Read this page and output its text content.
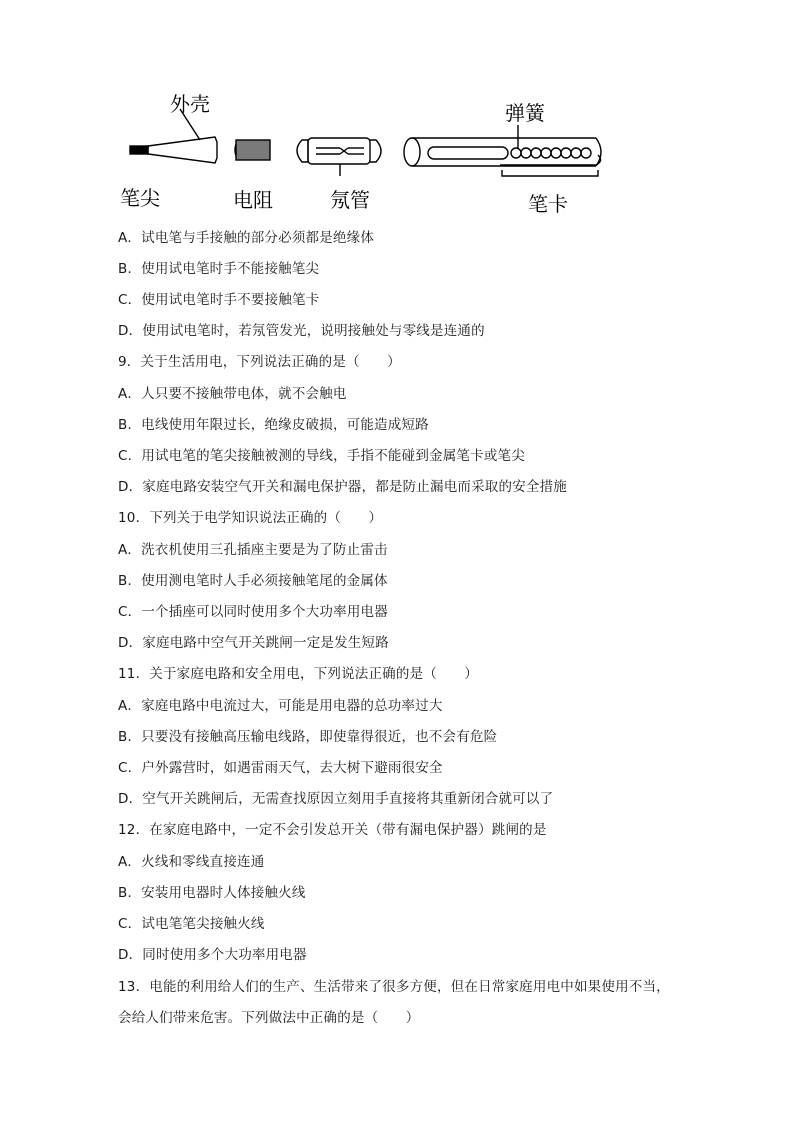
外壳
笔尖	电阻	氖管
弹簧
笔卡
A．试电笔与手接触的部分必须都是绝缘体
B．使用试电笔时手不能接触笔尖
C．使用试电笔时手不要接触笔卡
D．使用试电笔时，若氖管发光，说明接触处与零线是连通的
9．关于生活用电，下列说法正确的是（　　）
A．人只要不接触带电体，就不会触电
B．电线使用年限过长，绝缘皮破损，可能造成短路
C．用试电笔的笔尖接触被测的导线，手指不能碰到金属笔卡或笔尖
D．家庭电路安装空气开关和漏电保护器，都是防止漏电而采取的安全措施
10．下列关于电学知识说法正确的（　　）
A．洗衣机使用三孔插座主要是为了防止雷击
B．使用测电笔时人手必须接触笔尾的金属体
C．一个插座可以同时使用多个大功率用电器
D．家庭电路中空气开关跳闸一定是发生短路
11．关于家庭电路和安全用电，下列说法正确的是（　　）
A．家庭电路中电流过大，可能是用电器的总功率过大
B．只要没有接触高压输电线路，即使靠得很近，也不会有危险
C．户外露营时，如遇雷雨天气，去大树下避雨很安全
D．空气开关跳闸后，无需查找原因立刻用手直接将其重新闭合就可以了
12．在家庭电路中，一定不会引发总开关（带有漏电保护器）跳闸的是
A．火线和零线直接连通
B．安装用电器时人体接触火线
C．试电笔笔尖接触火线
D．同时使用多个大功率用电器
13．电能的利用给人们的生产、生活带来了很多方便，但在日常家庭用电中如果使用不当，
会给人们带来危害。下列做法中正确的是（　　）
